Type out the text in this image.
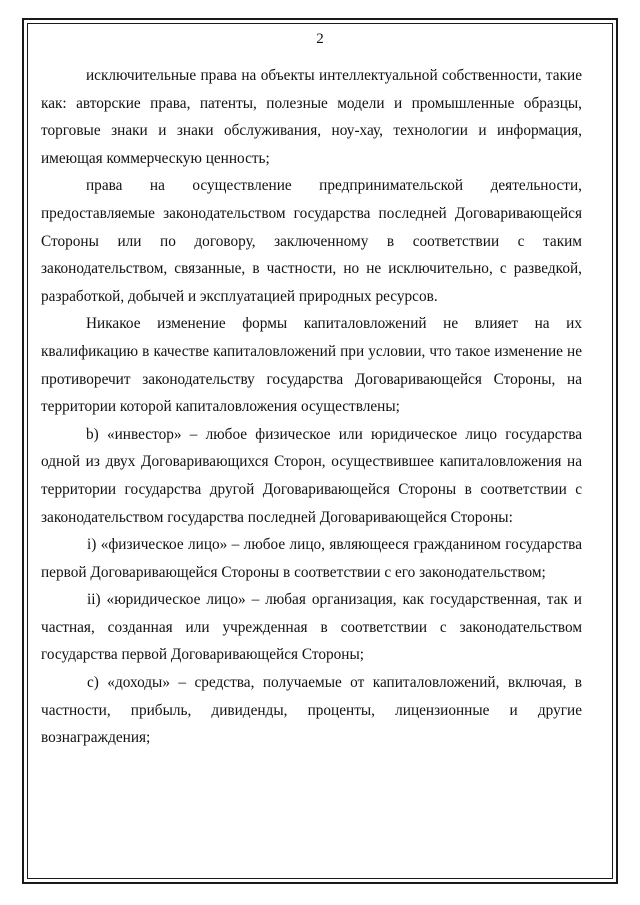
2

исключительные права на объекты интеллектуальной собственности, такие как: авторские права, патенты, полезные модели и промышленные образцы, торговые знаки и знаки обслуживания, ноу-хау, технологии и информация, имеющая коммерческую ценность;

права на осуществление предпринимательской деятельности, предоставляемые законодательством государства последней Договаривающейся Стороны или по договору, заключенному в соответствии с таким законодательством, связанные, в частности, но не исключительно, с разведкой, разработкой, добычей и эксплуатацией природных ресурсов.

Никакое изменение формы капиталовложений не влияет на их квалификацию в качестве капиталовложений при условии, что такое изменение не противоречит законодательству государства Договаривающейся Стороны, на территории которой капиталовложения осуществлены;

b) «инвестор» – любое физическое или юридическое лицо государства одной из двух Договаривающихся Сторон, осуществившее капиталовложения на территории государства другой Договаривающейся Стороны в соответствии с законодательством государства последней Договаривающейся Стороны:

i) «физическое лицо» – любое лицо, являющееся гражданином государства первой Договаривающейся Стороны в соответствии с его законодательством;

ii) «юридическое лицо» – любая организация, как государственная, так и частная, созданная или учрежденная в соответствии с законодательством государства первой Договаривающейся Стороны;

c) «доходы» – средства, получаемые от капиталовложений, включая, в частности, прибыль, дивиденды, проценты, лицензионные и другие вознаграждения;
